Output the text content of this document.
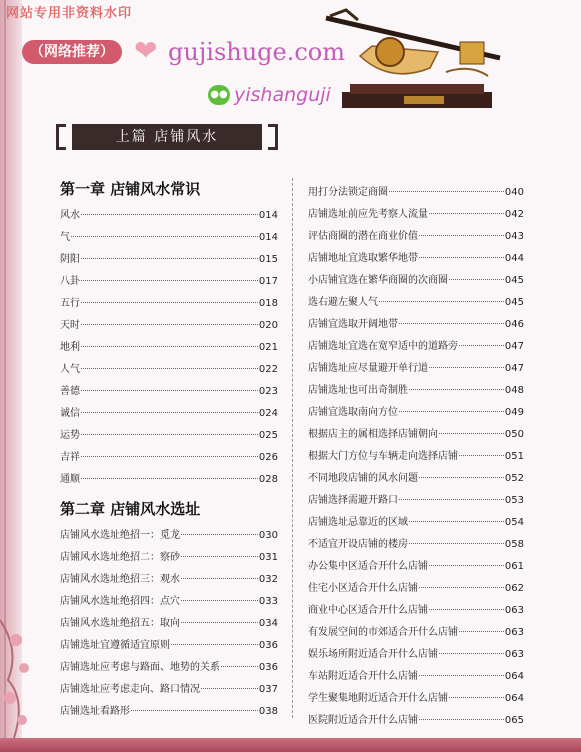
网站专用非资料水印
（网络推荐） ❤ gujishuge.com
●● yishanguji
上篇 店铺风水
第一章 店铺风水常识
风水	014
气	014
阴阳	015
八卦	017
五行	018
天时	020
地利	021
人气	022
善德	023
诚信	024
运势	025
吉祥	026
通顺	028
第二章 店铺风水选址
店铺风水选址绝招一：觅龙	030
店铺风水选址绝招二：察砂	031
店铺风水选址绝招三：观水	032
店铺风水选址绝招四：点穴	033
店铺风水选址绝招五：取向	034
店铺选址宜遵循适宜原则	036
店铺选址应考虑与路面、地势的关系	036
店铺选址应考虑走向、路口情况	037
店铺选址看路形	038
用打分法锁定商圈	040
店铺选址前应先考察人流量	042
评估商圈的潜在商业价值	043
店铺地址宜选取繁华地带	044
小店铺宜选在繁华商圈的次商圈	045
选右避左聚人气	045
店铺宜选取开阔地带	046
店铺选址宜选在宽窄适中的道路旁	047
店铺选址应尽量避开单行道	047
店铺选址也可出奇制胜	048
店铺宜选取南向方位	049
根据店主的属相选择店铺朝向	050
根据大门方位与车辆走向选择店铺	051
不同地段店铺的风水问题	052
店铺选择需避开路口	053
店铺选址忌靠近的区域	054
不适宜开设店铺的楼房	058
办公集中区适合开什么店铺	061
住宅小区适合开什么店铺	062
商业中心区适合开什么店铺	063
有发展空间的市郊适合开什么店铺	063
娱乐场所附近适合开什么店铺	063
车站附近适合开什么店铺	064
学生聚集地附近适合开什么店铺	064
医院附近适合开什么店铺	065
